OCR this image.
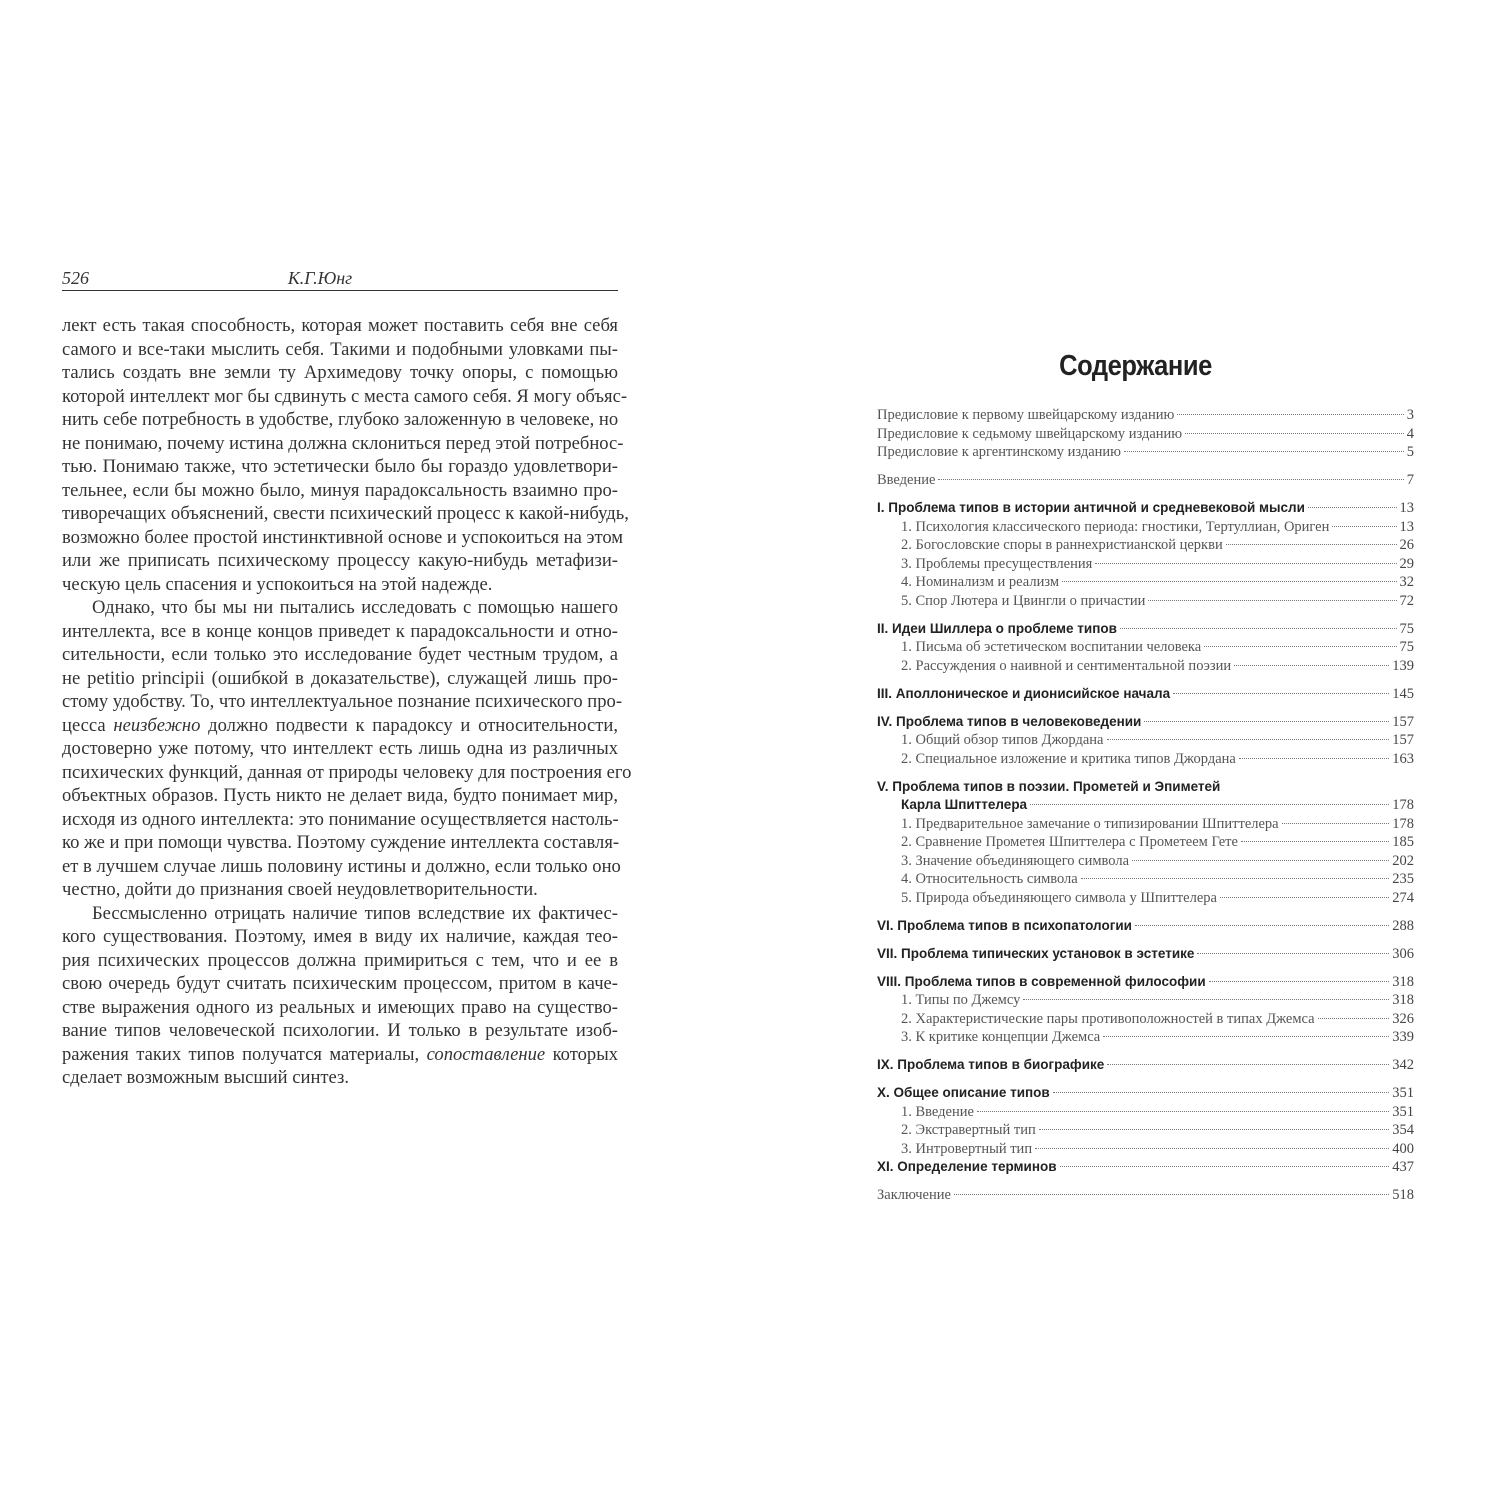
526	К.Г.Юнг
лект есть такая способность, которая может поставить себя вне себя
самого и все-таки мыслить себя. Такими и подобными уловками пы-
тались создать вне земли ту Архимедову точку опоры, с помощью
которой интеллект мог бы сдвинуть с места самого себя. Я могу объяс-
нить себе потребность в удобстве, глубоко заложенную в человеке, но
не понимаю, почему истина должна склониться перед этой потребнос-
тью. Понимаю также, что эстетически было бы гораздо удовлетвори-
тельнее, если бы можно было, минуя парадоксальность взаимно про-
тиворечащих объяснений, свести психический процесс к какой-нибудь,
возможно более простой инстинктивной основе и успокоиться на этом
или же приписать психическому процессу какую-нибудь метафизи-
ческую цель спасения и успокоиться на этой надежде.
Однако, что бы мы ни пытались исследовать с помощью нашего
интеллекта, все в конце концов приведет к парадоксальности и отно-
сительности, если только это исследование будет честным трудом, а
не petitio principii (ошибкой в доказательстве), служащей лишь про-
стому удобству. То, что интеллектуальное познание психического про-
цесса неизбежно должно подвести к парадоксу и относительности,
достоверно уже потому, что интеллект есть лишь одна из различных
психических функций, данная от природы человеку для построения его
объектных образов. Пусть никто не делает вида, будто понимает мир,
исходя из одного интеллекта: это понимание осуществляется настоль-
ко же и при помощи чувства. Поэтому суждение интеллекта составля-
ет в лучшем случае лишь половину истины и должно, если только оно
честно, дойти до признания своей неудовлетворительности.
Бессмысленно отрицать наличие типов вследствие их фактичес-
кого существования. Поэтому, имея в виду их наличие, каждая тео-
рия психических процессов должна примириться с тем, что и ее в
свою очередь будут считать психическим процессом, притом в каче-
стве выражения одного из реальных и имеющих право на существо-
вание типов человеческой психологии. И только в результате изоб-
ражения таких типов получатся материалы, сопоставление которых
сделает возможным высший синтез.
Содержание
Предисловие к первому швейцарскому изданию	3
Предисловие к седьмому швейцарскому изданию	4
Предисловие к аргентинскому изданию	5
Введение	7
I. Проблема типов в истории античной и средневековой мысли	13
1. Психология классического периода: гностики, Тертуллиан, Ориген	13
2. Богословские споры в раннехристианской церкви	26
3. Проблемы пресуществления	29
4. Номинализм и реализм	32
5. Спор Лютера и Цвингли о причастии	72
II. Идеи Шиллера о проблеме типов	75
1. Письма об эстетическом воспитании человека	75
2. Рассуждения о наивной и сентиментальной поэзии	139
III. Аполлоническое и дионисийское начала	145
IV. Проблема типов в человековедении	157
1. Общий обзор типов Джордана	157
2. Специальное изложение и критика типов Джордана	163
V. Проблема типов в поэзии. Прометей и Эпиметей
Карла Шпиттелера	178
1. Предварительное замечание о типизировании Шпиттелера	178
2. Сравнение Прометея Шпиттелера с Прометеем Гете	185
3. Значение объединяющего символа	202
4. Относительность символа	235
5. Природа объединяющего символа у Шпиттелера	274
VI. Проблема типов в психопатологии	288
VII. Проблема типических установок в эстетике	306
VIII. Проблема типов в современной философии	318
1. Типы по Джемсу	318
2. Характеристические пары противоположностей в типах Джемса	326
3. К критике концепции Джемса	339
IX. Проблема типов в биографике	342
X. Общее описание типов	351
1. Введение	351
2. Экстравертный тип	354
3. Интровертный тип	400
XI. Определение терминов	437
Заключение	518
